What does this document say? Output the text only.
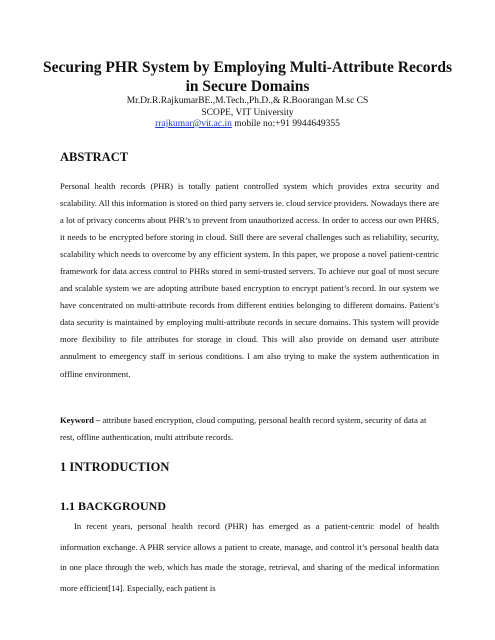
Securing PHR System by Employing Multi-Attribute Records in Secure Domains
Mr.Dr.R.RajkumarBE.,M.Tech.,Ph.D.,& R.Boorangan M.sc CS
SCOPE, VIT University
rrajkumar@vit.ac.in mobile no:+91 9944649355
ABSTRACT

Personal health records (PHR) is totally patient controlled system which provides extra security and scalability. All this information is stored on third party servers ie. cloud service providers. Nowadays there are a lot of privacy concerns about PHR’s to prevent from unauthorized access. In order to access our own PHRS, it needs to be encrypted before storing in cloud. Still there are several challenges such as reliability, security, scalability which needs to overcome by any efficient system. In this paper, we propose a novel patient-centric framework for data access control to PHRs stored in semi-trusted servers. To achieve our goal of most secure and scalable system we are adopting attribute based encryption to encrypt patient’s record. In our system we have concentrated on multi-attribute records from different entities belonging to different domains. Patient’s data security is maintained by employing multi-attribute records in secure domains. This system will provide more flexibility to file attributes for storage in cloud. This will also provide on demand user attribute annulment to emergency staff in serious conditions. I am also trying to make the system authentication in offline environment.

Keyword – attribute based encryption, cloud computing, personal health record system, security of data at rest, offline authentication, multi attribute records.

1 INTRODUCTION
1.1 BACKGROUND

In recent years, personal health record (PHR) has emerged as a patient-centric model of health information exchange. A PHR service allows a patient to create, manage, and control it’s personal health data in one place through the web, which has made the storage, retrieval, and sharing of the medical information more efficient[14]. Especially, each patient is
